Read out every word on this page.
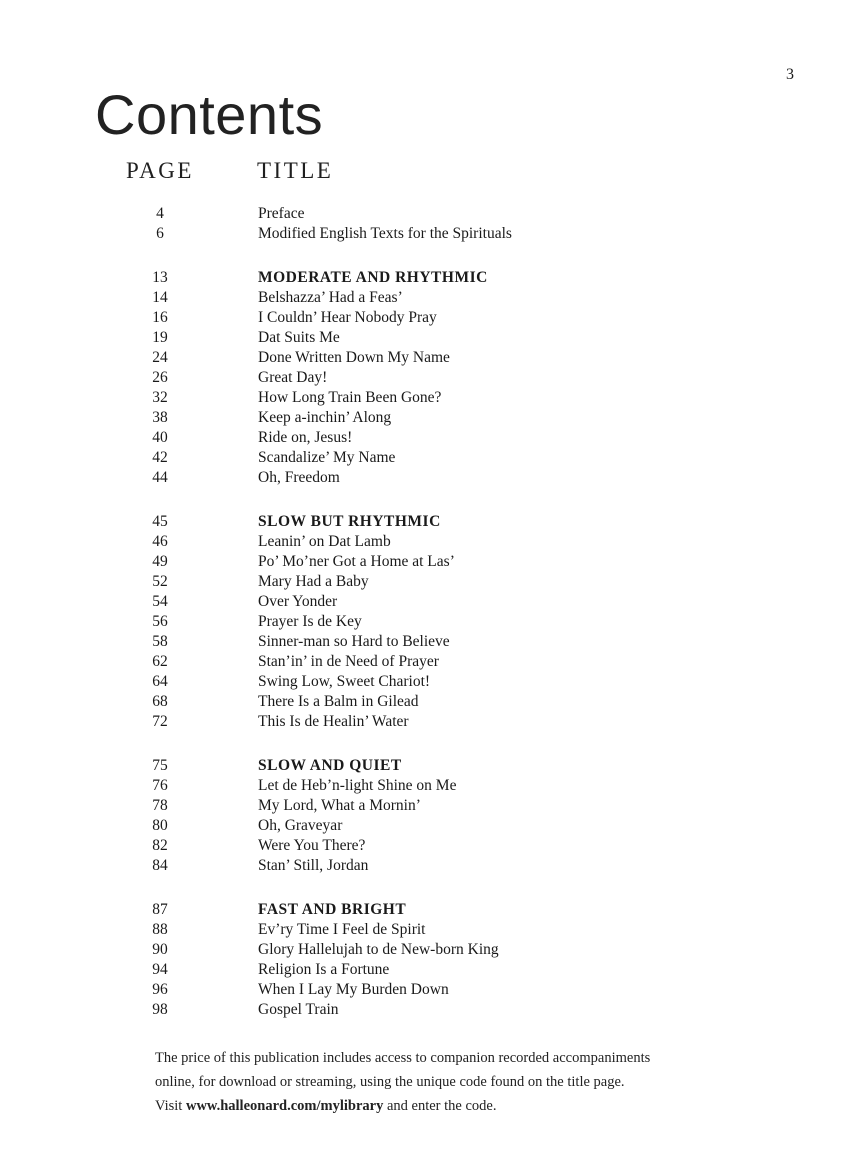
3
Contents
PAGE	TITLE
4	Preface
6	Modified English Texts for the Spirituals
13	MODERATE AND RHYTHMIC
14	Belshazza’ Had a Feas’
16	I Couldn’ Hear Nobody Pray
19	Dat Suits Me
24	Done Written Down My Name
26	Great Day!
32	How Long Train Been Gone?
38	Keep a-inchin’ Along
40	Ride on, Jesus!
42	Scandalize’ My Name
44	Oh, Freedom
45	SLOW BUT RHYTHMIC
46	Leanin’ on Dat Lamb
49	Po’ Mo’ner Got a Home at Las’
52	Mary Had a Baby
54	Over Yonder
56	Prayer Is de Key
58	Sinner-man so Hard to Believe
62	Stan’in’ in de Need of Prayer
64	Swing Low, Sweet Chariot!
68	There Is a Balm in Gilead
72	This Is de Healin’ Water
75	SLOW AND QUIET
76	Let de Heb’n-light Shine on Me
78	My Lord, What a Mornin’
80	Oh, Graveyar
82	Were You There?
84	Stan’ Still, Jordan
87	FAST AND BRIGHT
88	Ev’ry Time I Feel de Spirit
90	Glory Hallelujah to de New-born King
94	Religion Is a Fortune
96	When I Lay My Burden Down
98	Gospel Train
The price of this publication includes access to companion recorded accompaniments
online, for download or streaming, using the unique code found on the title page.
Visit www.halleonard.com/mylibrary and enter the code.
